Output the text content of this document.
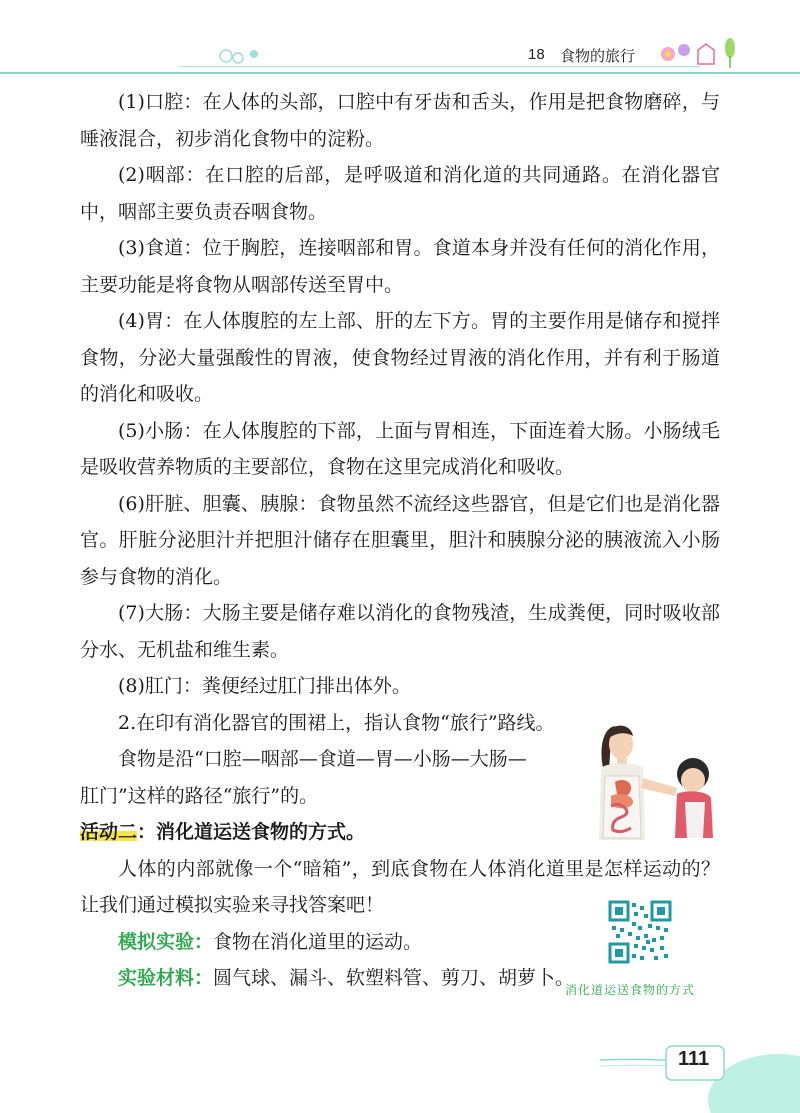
18 食物的旅行

(1)口腔：在人体的头部，口腔中有牙齿和舌头，作用是把食物磨碎，与唾液混合，初步消化食物中的淀粉。

(2)咽部：在口腔的后部，是呼吸道和消化道的共同通路。在消化器官中，咽部主要负责吞咽食物。

(3)食道：位于胸腔，连接咽部和胃。食道本身并没有任何的消化作用，主要功能是将食物从咽部传送至胃中。

(4)胃：在人体腹腔的左上部、肝的左下方。胃的主要作用是储存和搅拌食物，分泌大量强酸性的胃液，使食物经过胃液的消化作用，并有利于肠道的消化和吸收。

(5)小肠：在人体腹腔的下部，上面与胃相连，下面连着大肠。小肠绒毛是吸收营养物质的主要部位，食物在这里完成消化和吸收。

(6)肝脏、胆囊、胰腺：食物虽然不流经这些器官，但是它们也是消化器官。肝脏分泌胆汁并把胆汁储存在胆囊里，胆汁和胰腺分泌的胰液流入小肠参与食物的消化。

(7)大肠：大肠主要是储存难以消化的食物残渣，生成粪便，同时吸收部分水、无机盐和维生素。

(8)肛门：粪便经过肛门排出体外。

2.在印有消化器官的围裙上，指认食物“旅行”路线。

食物是沿“口腔—咽部—食道—胃—小肠—大肠—

肛门”这样的路径“旅行”的。

活动二：消化道运送食物的方式。

人体的内部就像一个“暗箱”，到底食物在人体消化道里是怎样运动的？让我们通过模拟实验来寻找答案吧！

模拟实验：食物在消化道里的运动。

实验材料：圆气球、漏斗、软塑料管、剪刀、胡萝卜。

消化道运送食物的方式
111
